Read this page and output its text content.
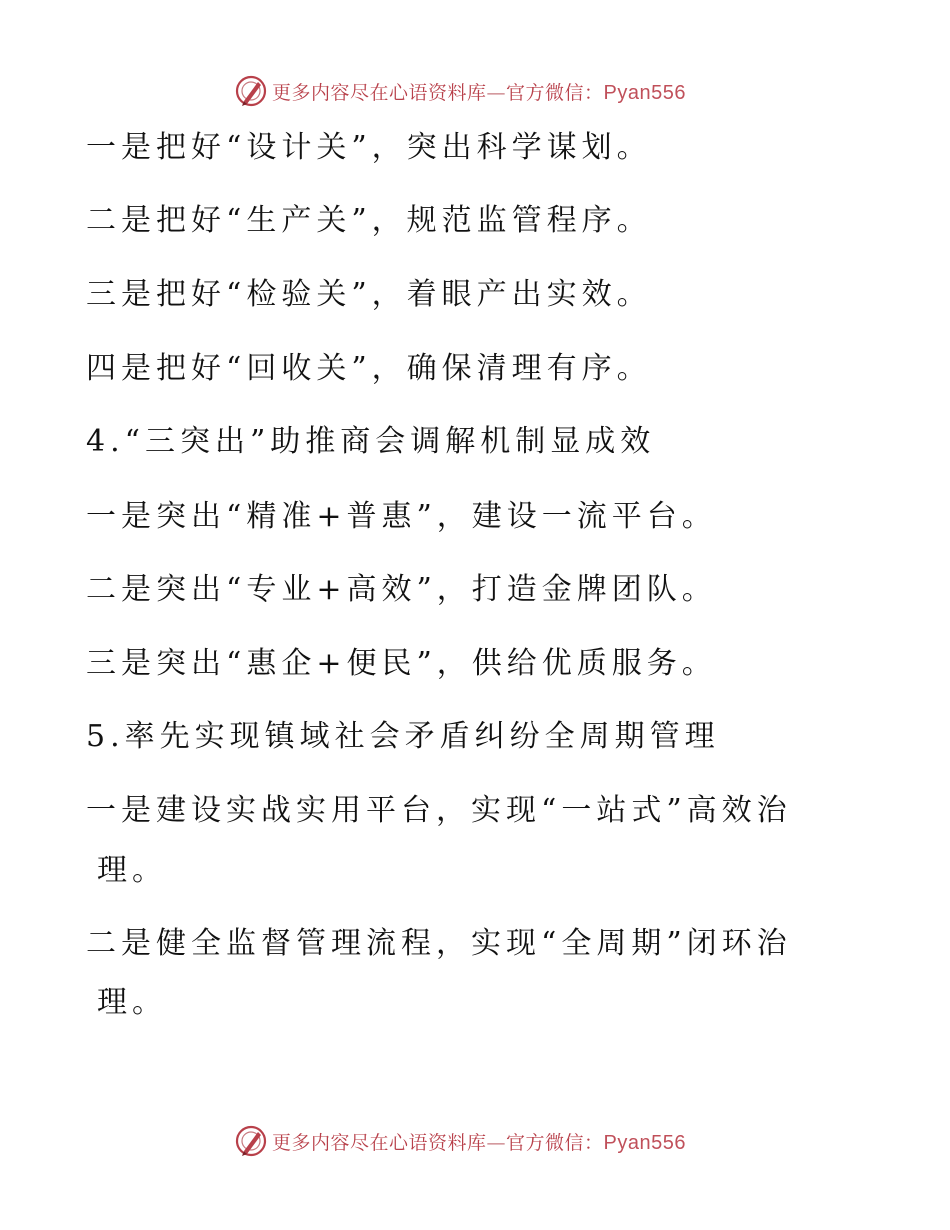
更多内容尽在心语资料库—官方微信：Pyan556
一是把好“设计关”，突出科学谋划。
二是把好“生产关”，规范监管程序。
三是把好“检验关”，着眼产出实效。
四是把好“回收关”，确保清理有序。
4.“三突出”助推商会调解机制显成效
一是突出“精准+普惠”，建设一流平台。
二是突出“专业+高效”，打造金牌团队。
三是突出“惠企+便民”，供给优质服务。
5.率先实现镇域社会矛盾纠纷全周期管理
一是建设实战实用平台，实现“一站式”高效治
理。
二是健全监督管理流程，实现“全周期”闭环治
理。
更多内容尽在心语资料库—官方微信：Pyan556
